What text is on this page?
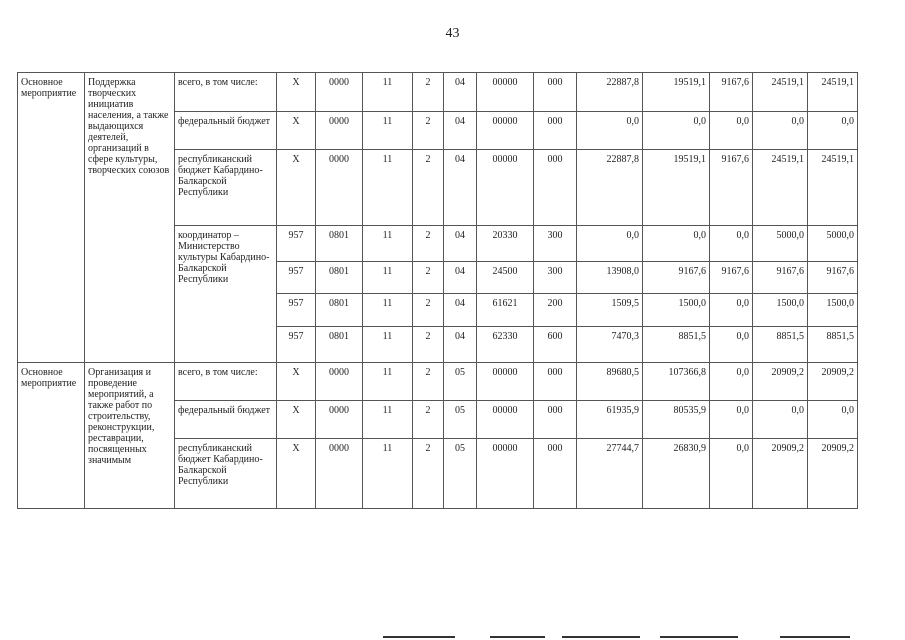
43
Основное мероприятие	Поддержка творческих инициатив населения, а также выдающихся деятелей, организаций в сфере культуры, творческих союзов	всего, в том числе:	X	0000	11	2	04	00000	000	22887,8	19519,1	9167,6	24519,1	24519,1
		федеральный бюджет	X	0000	11	2	04	00000	000	0,0	0,0	0,0	0,0	0,0
		республиканский бюджет Кабардино-Балкарской Республики	X	0000	11	2	04	00000	000	22887,8	19519,1	9167,6	24519,1	24519,1
		координатор – Министерство культуры Кабардино-Балкарской Республики	957	0801	11	2	04	20330	300	0,0	0,0	0,0	5000,0	5000,0
			957	0801	11	2	04	24500	300	13908,0	9167,6	9167,6	9167,6	9167,6
			957	0801	11	2	04	61621	200	1509,5	1500,0	0,0	1500,0	1500,0
			957	0801	11	2	04	62330	600	7470,3	8851,5	0,0	8851,5	8851,5
Основное мероприятие	Организация и проведение мероприятий, а также работ по строительству, реконструкции, реставрации, посвященных значимым	всего, в том числе:	X	0000	11	2	05	00000	000	89680,5	107366,8	0,0	20909,2	20909,2
		федеральный бюджет	X	0000	11	2	05	00000	000	61935,9	80535,9	0,0	0,0	0,0
		республиканский бюджет Кабардино-Балкарской Республики	X	0000	11	2	05	00000	000	27744,7	26830,9	0,0	20909,2	20909,2
